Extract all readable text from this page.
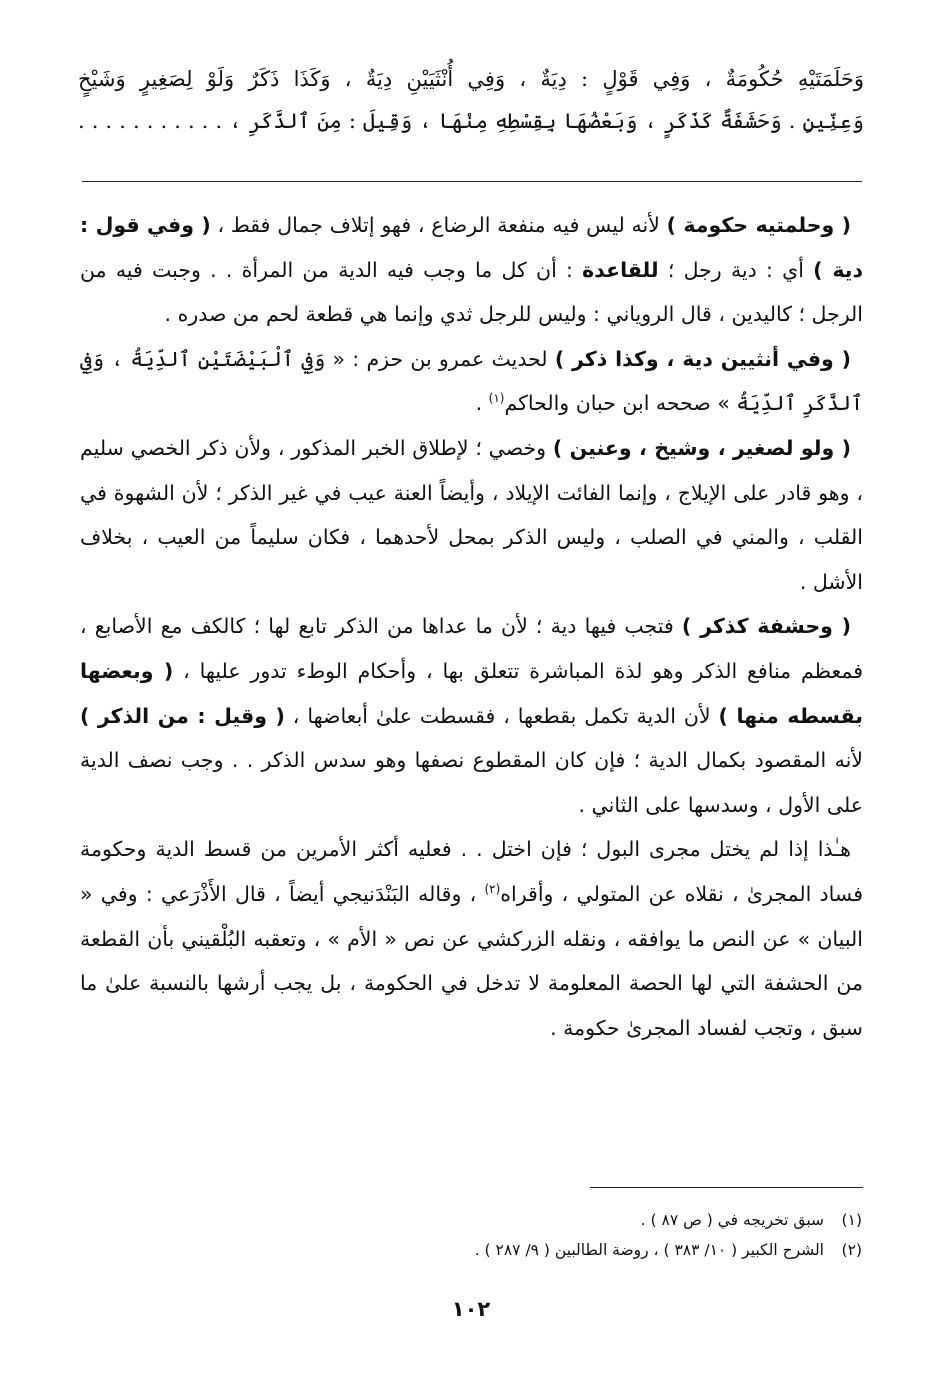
وَحَلَمَتَيْهِ حُكُومَةٌ ، وَفِي قَوْلٍ : دِيَةٌ ، وَفِي أُنْثَيَيْنِ دِيَةٌ ، وَكَذَا ذَكَرٌ وَلَوْ لِصَغِيرٍ وَشَيْخٍ
وَعِنِّينٍ . وَحَشَفَةٌ كَذَكَرٍ ، وَبَعْضُهَا بِقِسْطِهِ مِنْهَا ، وَقِيلَ : مِنَ ٱلذَّكَرِ ، . . . . . . . . . . .

( وحلمتيه حكومة ) لأنه ليس فيه منفعة الرضاع ، فهو إتلاف جمال فقط ، ( وفي قول : دية ) أي : دية رجل ؛ للقاعدة : أن كل ما وجب فيه الدية من المرأة . . وجبت فيه من الرجل ؛ كاليدين ، قال الروياني : وليس للرجل ثدي وإنما هي قطعة لحم من صدره .

( وفي أنثيين دية ، وكذا ذكر ) لحديث عمرو بن حزم : « وَفِي ٱلْبَيْضَتَيْنِ ٱلدِّيَةُ ، وَفِي ٱلذَّكَرِ ٱلدِّيَةُ » صححه ابن حبان والحاكم$^{(١)}$ .

( ولو لصغير ، وشيخ ، وعنين ) وخصي ؛ لإطلاق الخبر المذكور ، ولأن ذكر الخصي سليم ، وهو قادر على الإيلاج ، وإنما الفائت الإيلاد ، وأيضاً العنة عيب في غير الذكر ؛ لأن الشهوة في القلب ، والمني في الصلب ، وليس الذكر بمحل لأحدهما ، فكان سليماً من العيب ، بخلاف الأشل .

( وحشفة كذكر ) فتجب فيها دية ؛ لأن ما عداها من الذكر تابع لها ؛ كالكف مع الأصابع ، فمعظم منافع الذكر وهو لذة المباشرة تتعلق بها ، وأحكام الوطء تدور عليها ، ( وبعضها بقسطه منها ) لأن الدية تكمل بقطعها ، فقسطت علىٰ أبعاضها ، ( وقيل : من الذكر ) لأنه المقصود بكمال الدية ؛ فإن كان المقطوع نصفها وهو سدس الذكر . . وجب نصف الدية على الأول ، وسدسها على الثاني .

هـٰذا إذا لم يختل مجرى البول ؛ فإن اختل . . فعليه أكثر الأمرين من قسط الدية وحكومة فساد المجرىٰ ، نقلاه عن المتولي ، وأقراه$^{(٢)}$ ، وقاله البَنْدَنيجي أيضاً ، قال الأَذْرَعي : وفي « البيان » عن النص ما يوافقه ، ونقله الزركشي عن نص « الأم » ، وتعقبه البُلْقيني بأن القطعة من الحشفة التي لها الحصة المعلومة لا تدخل في الحكومة ، بل يجب أرشها بالنسبة علىٰ ما سبق ، وتجب لفساد المجرىٰ حكومة .

(١)سبق تخريجه في ( ص ٨٧ ) .

(٢)الشرح الكبير ( ١٠/ ٣٨٣ ) ، روضة الطالبين ( ٩/ ٢٨٧ ) .

١٠٢
